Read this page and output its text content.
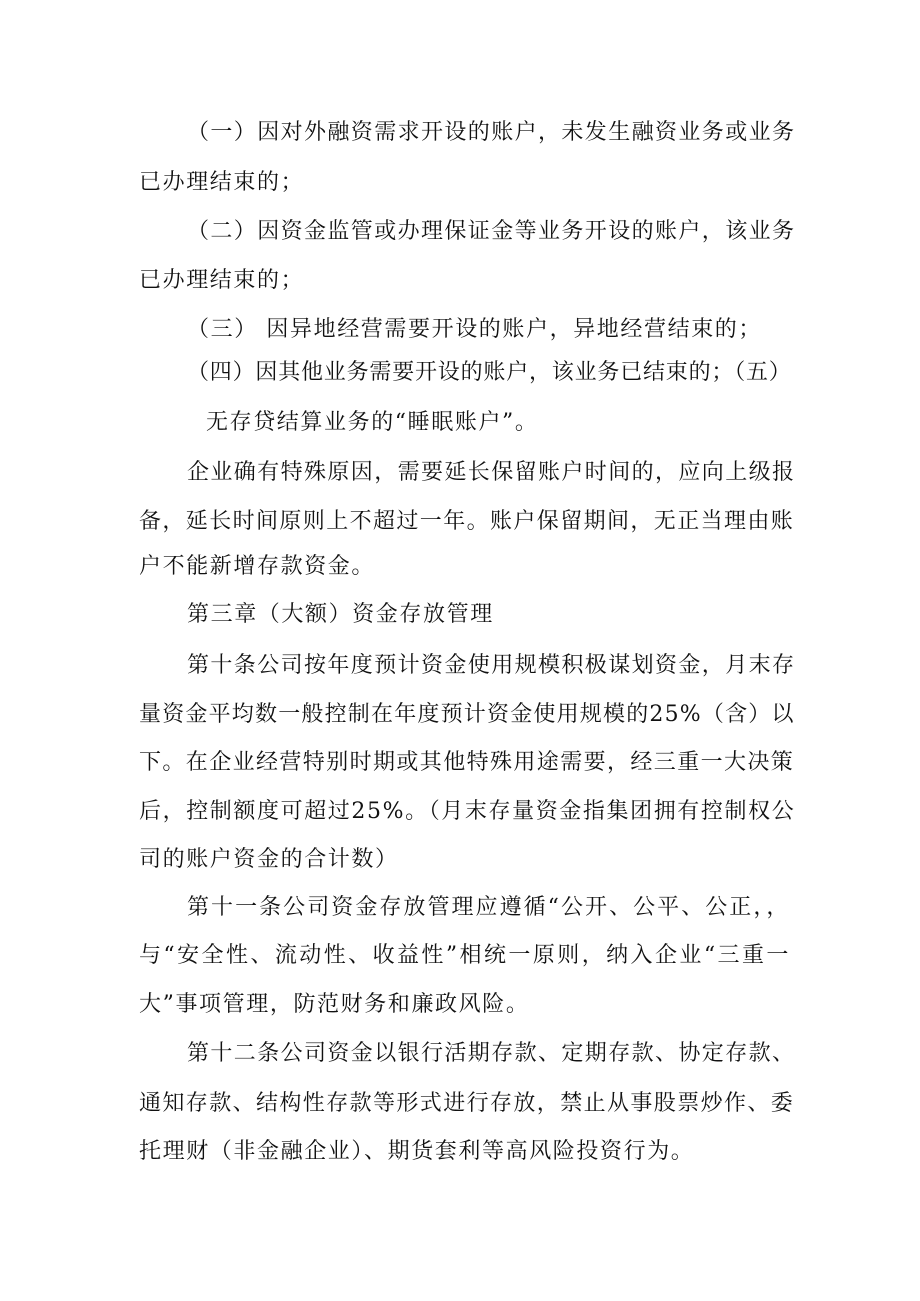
（一）因对外融资需求开设的账户，未发生融资业务或业务
已办理结束的；
（二）因资金监管或办理保证金等业务开设的账户，该业务
已办理结束的；
（三） 因异地经营需要开设的账户，异地经营结束的；
（四）因其他业务需要开设的账户，该业务已结束的；（五）
无存贷结算业务的“睡眠账户”。
企业确有特殊原因，需要延长保留账户时间的，应向上级报
备，延长时间原则上不超过一年。账户保留期间，无正当理由账
户不能新增存款资金。
第三章（大额）资金存放管理
第十条公司按年度预计资金使用规模积极谋划资金，月末存
量资金平均数一般控制在年度预计资金使用规模的25%（含）以
下。在企业经营特别时期或其他特殊用途需要，经三重一大决策
后，控制额度可超过25%。（月末存量资金指集团拥有控制权公
司的账户资金的合计数）
第十一条公司资金存放管理应遵循“公开、公平、公正，，
与“安全性、流动性、收益性”相统一原则，纳入企业“三重一
大”事项管理，防范财务和廉政风险。
第十二条公司资金以银行活期存款、定期存款、协定存款、
通知存款、结构性存款等形式进行存放，禁止从事股票炒作、委
托理财（非金融企业）、期货套利等高风险投资行为。
